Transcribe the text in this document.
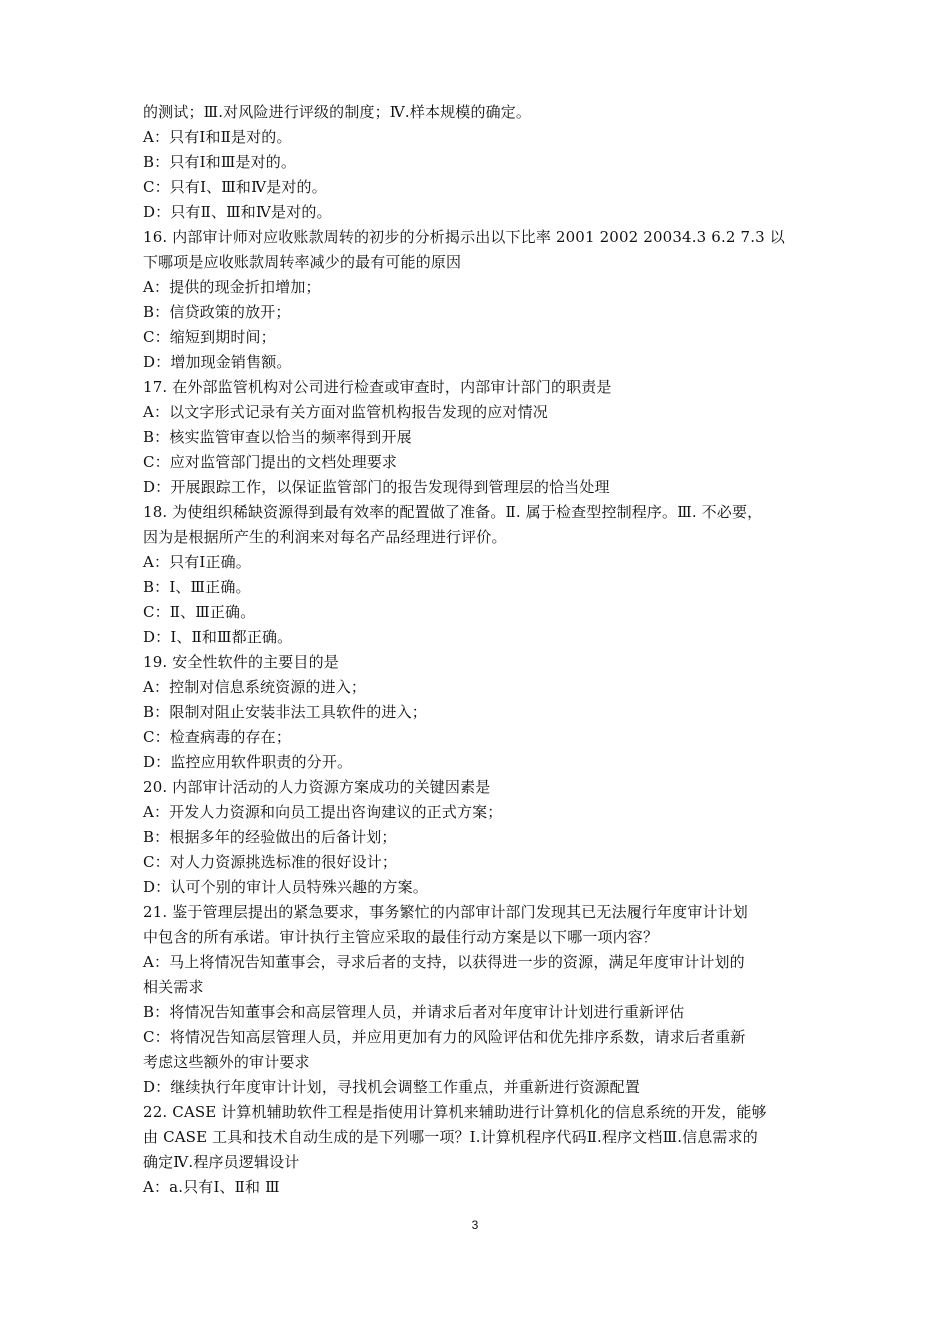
的测试；Ⅲ.对风险进行评级的制度；Ⅳ.样本规模的确定。
A：只有Ⅰ和Ⅱ是对的。
B：只有Ⅰ和Ⅲ是对的。
C：只有Ⅰ、Ⅲ和Ⅳ是对的。
D：只有Ⅱ、Ⅲ和Ⅳ是对的。
16. 内部审计师对应收账款周转的初步的分析揭示出以下比率 2001 2002 20034.3 6.2 7.3 以
下哪项是应收账款周转率减少的最有可能的原因
A：提供的现金折扣增加；
B：信贷政策的放开；
C：缩短到期时间；
D：增加现金销售额。
17. 在外部监管机构对公司进行检查或审查时，内部审计部门的职责是
A：以文字形式记录有关方面对监管机构报告发现的应对情况
B：核实监管审查以恰当的频率得到开展
C：应对监管部门提出的文档处理要求
D：开展跟踪工作，以保证监管部门的报告发现得到管理层的恰当处理
18. 为使组织稀缺资源得到最有效率的配置做了准备。Ⅱ. 属于检查型控制程序。Ⅲ. 不必要，
因为是根据所产生的利润来对每名产品经理进行评价。
A：只有Ⅰ正确。
B：Ⅰ、Ⅲ正确。
C：Ⅱ、Ⅲ正确。
D：Ⅰ、Ⅱ和Ⅲ都正确。
19. 安全性软件的主要目的是
A：控制对信息系统资源的进入；
B：限制对阻止安装非法工具软件的进入；
C：检查病毒的存在；
D：监控应用软件职责的分开。
20. 内部审计活动的人力资源方案成功的关键因素是
A：开发人力资源和向员工提出咨询建议的正式方案；
B：根据多年的经验做出的后备计划；
C：对人力资源挑选标准的很好设计；
D：认可个别的审计人员特殊兴趣的方案。
21. 鉴于管理层提出的紧急要求，事务繁忙的内部审计部门发现其已无法履行年度审计计划
中包含的所有承诺。审计执行主管应采取的最佳行动方案是以下哪一项内容？
A：马上将情况告知董事会，寻求后者的支持，以获得进一步的资源，满足年度审计计划的
相关需求
B：将情况告知董事会和高层管理人员，并请求后者对年度审计计划进行重新评估
C：将情况告知高层管理人员，并应用更加有力的风险评估和优先排序系数，请求后者重新
考虑这些额外的审计要求
D：继续执行年度审计计划，寻找机会调整工作重点，并重新进行资源配置
22. CASE 计算机辅助软件工程是指使用计算机来辅助进行计算机化的信息系统的开发，能够
由 CASE 工具和技术自动生成的是下列哪一项？Ⅰ.计算机程序代码Ⅱ.程序文档Ⅲ.信息需求的
确定Ⅳ.程序员逻辑设计
A：a.只有Ⅰ、Ⅱ和 Ⅲ
3
